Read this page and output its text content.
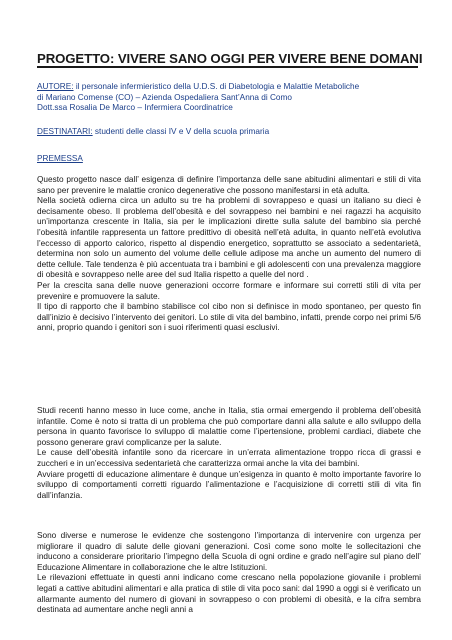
PROGETTO: VIVERE SANO OGGI PER VIVERE BENE DOMANI
AUTORE: il personale infermieristico della U.D.S. di Diabetologia e Malattie Metaboliche
di Mariano Comense (CO) – Azienda Ospedaliera Sant’Anna di Como
Dott.ssa Rosalia De Marco – Infermiera Coordinatrice
DESTINATARI: studenti delle classi IV e V della scuola primaria
PREMESSA

Questo progetto nasce dall’ esigenza di definire l’importanza delle sane abitudini alimentari e stili di vita sano per prevenire le malattie cronico degenerative che possono manifestarsi in età adulta.

Nella società odierna circa un adulto su tre ha problemi di sovrappeso e quasi un italiano su dieci è decisamente obeso. Il problema dell’obesità e del sovrappeso nei bambini e nei ragazzi ha acquisito un’importanza crescente in Italia, sia per le implicazioni dirette sulla salute del bambino sia perché l’obesità infantile rappresenta un fattore predittivo di obesità nell’età adulta, in quanto nell’età evolutiva l’eccesso di apporto calorico, rispetto al dispendio energetico, soprattutto se associato a sedentarietà, determina non solo un aumento del volume delle cellule adipose ma anche un aumento del numero di dette cellule. Tale tendenza è più accentuata tra i bambini e gli adolescenti con una prevalenza maggiore di obesità e sovrappeso nelle aree del sud Italia rispetto a quelle del nord .

Per la crescita sana delle nuove generazioni occorre formare e informare sui corretti stili di vita per prevenire e promuovere la salute.

Il tipo di rapporto che il bambino stabilisce col cibo non si definisce in modo spontaneo, per questo fin dall’inizio è decisivo l’intervento dei genitori. Lo stile di vita del bambino, infatti, prende corpo nei primi 5/6 anni, proprio quando i genitori son i suoi riferimenti quasi esclusivi.

Studi recenti hanno messo in luce come, anche in Italia, stia ormai emergendo il problema dell’obesità infantile. Come è noto si tratta di un problema che può comportare danni alla salute e allo sviluppo della persona in quanto favorisce lo sviluppo di malattie come l’ipertensione, problemi cardiaci, diabete che possono generare gravi complicanze per la salute.

Le cause dell’obesità infantile sono da ricercare in un’errata alimentazione troppo ricca di grassi e zuccheri e in un’eccessiva sedentarietà che caratterizza ormai anche la vita dei bambini.

Avviare progetti di educazione alimentare è dunque un’esigenza in quanto è molto importante favorire lo sviluppo di comportamenti corretti riguardo l’alimentazione e l’acquisizione di corretti stili di vita fin dall’infanzia.

Sono diverse e numerose le evidenze che sostengono l’importanza di intervenire con urgenza per migliorare il quadro di salute delle giovani generazioni. Così come sono molte le sollecitazioni che inducono a considerare prioritario l’impegno della Scuola di ogni ordine e grado nell’agire sul piano dell’ Educazione Alimentare in collaborazione che le altre Istituzioni.

Le rilevazioni effettuate in questi anni indicano come crescano nella popolazione giovanile i problemi legati a cattive abitudini alimentari e alla pratica di stile di vita poco sani: dal 1990 a oggi si è verificato un allarmante aumento del numero di giovani in sovrappeso o con problemi di obesità, e la cifra sembra destinata ad aumentare anche negli anni a
